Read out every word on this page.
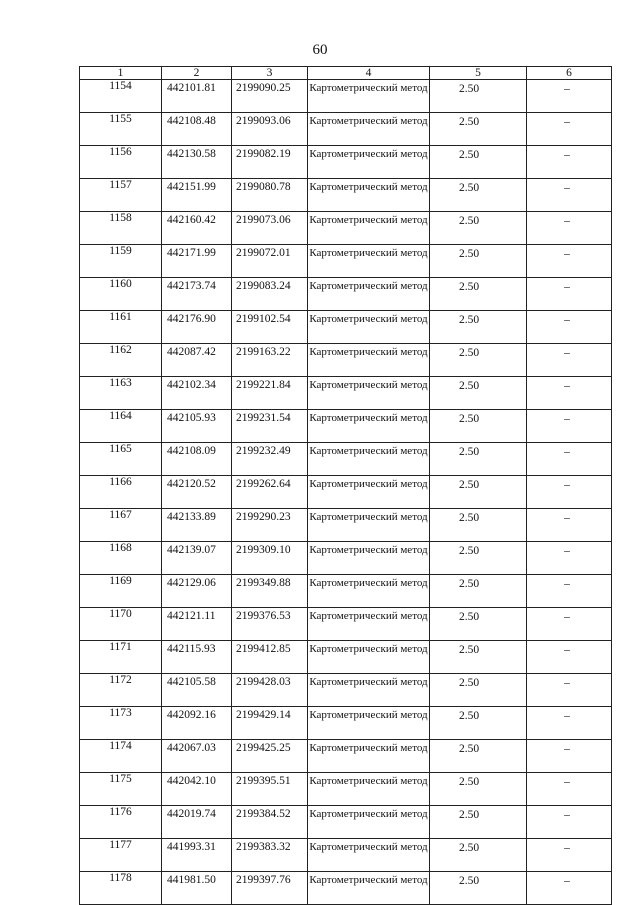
60
1	2	3	4	5	6
1154	442101.81	2199090.25	Картометрический метод	2.50	–
1155	442108.48	2199093.06	Картометрический метод	2.50	–
1156	442130.58	2199082.19	Картометрический метод	2.50	–
1157	442151.99	2199080.78	Картометрический метод	2.50	–
1158	442160.42	2199073.06	Картометрический метод	2.50	–
1159	442171.99	2199072.01	Картометрический метод	2.50	–
1160	442173.74	2199083.24	Картометрический метод	2.50	–
1161	442176.90	2199102.54	Картометрический метод	2.50	–
1162	442087.42	2199163.22	Картометрический метод	2.50	–
1163	442102.34	2199221.84	Картометрический метод	2.50	–
1164	442105.93	2199231.54	Картометрический метод	2.50	–
1165	442108.09	2199232.49	Картометрический метод	2.50	–
1166	442120.52	2199262.64	Картометрический метод	2.50	–
1167	442133.89	2199290.23	Картометрический метод	2.50	–
1168	442139.07	2199309.10	Картометрический метод	2.50	–
1169	442129.06	2199349.88	Картометрический метод	2.50	–
1170	442121.11	2199376.53	Картометрический метод	2.50	–
1171	442115.93	2199412.85	Картометрический метод	2.50	–
1172	442105.58	2199428.03	Картометрический метод	2.50	–
1173	442092.16	2199429.14	Картометрический метод	2.50	–
1174	442067.03	2199425.25	Картометрический метод	2.50	–
1175	442042.10	2199395.51	Картометрический метод	2.50	–
1176	442019.74	2199384.52	Картометрический метод	2.50	–
1177	441993.31	2199383.32	Картометрический метод	2.50	–
1178	441981.50	2199397.76	Картометрический метод	2.50	–
